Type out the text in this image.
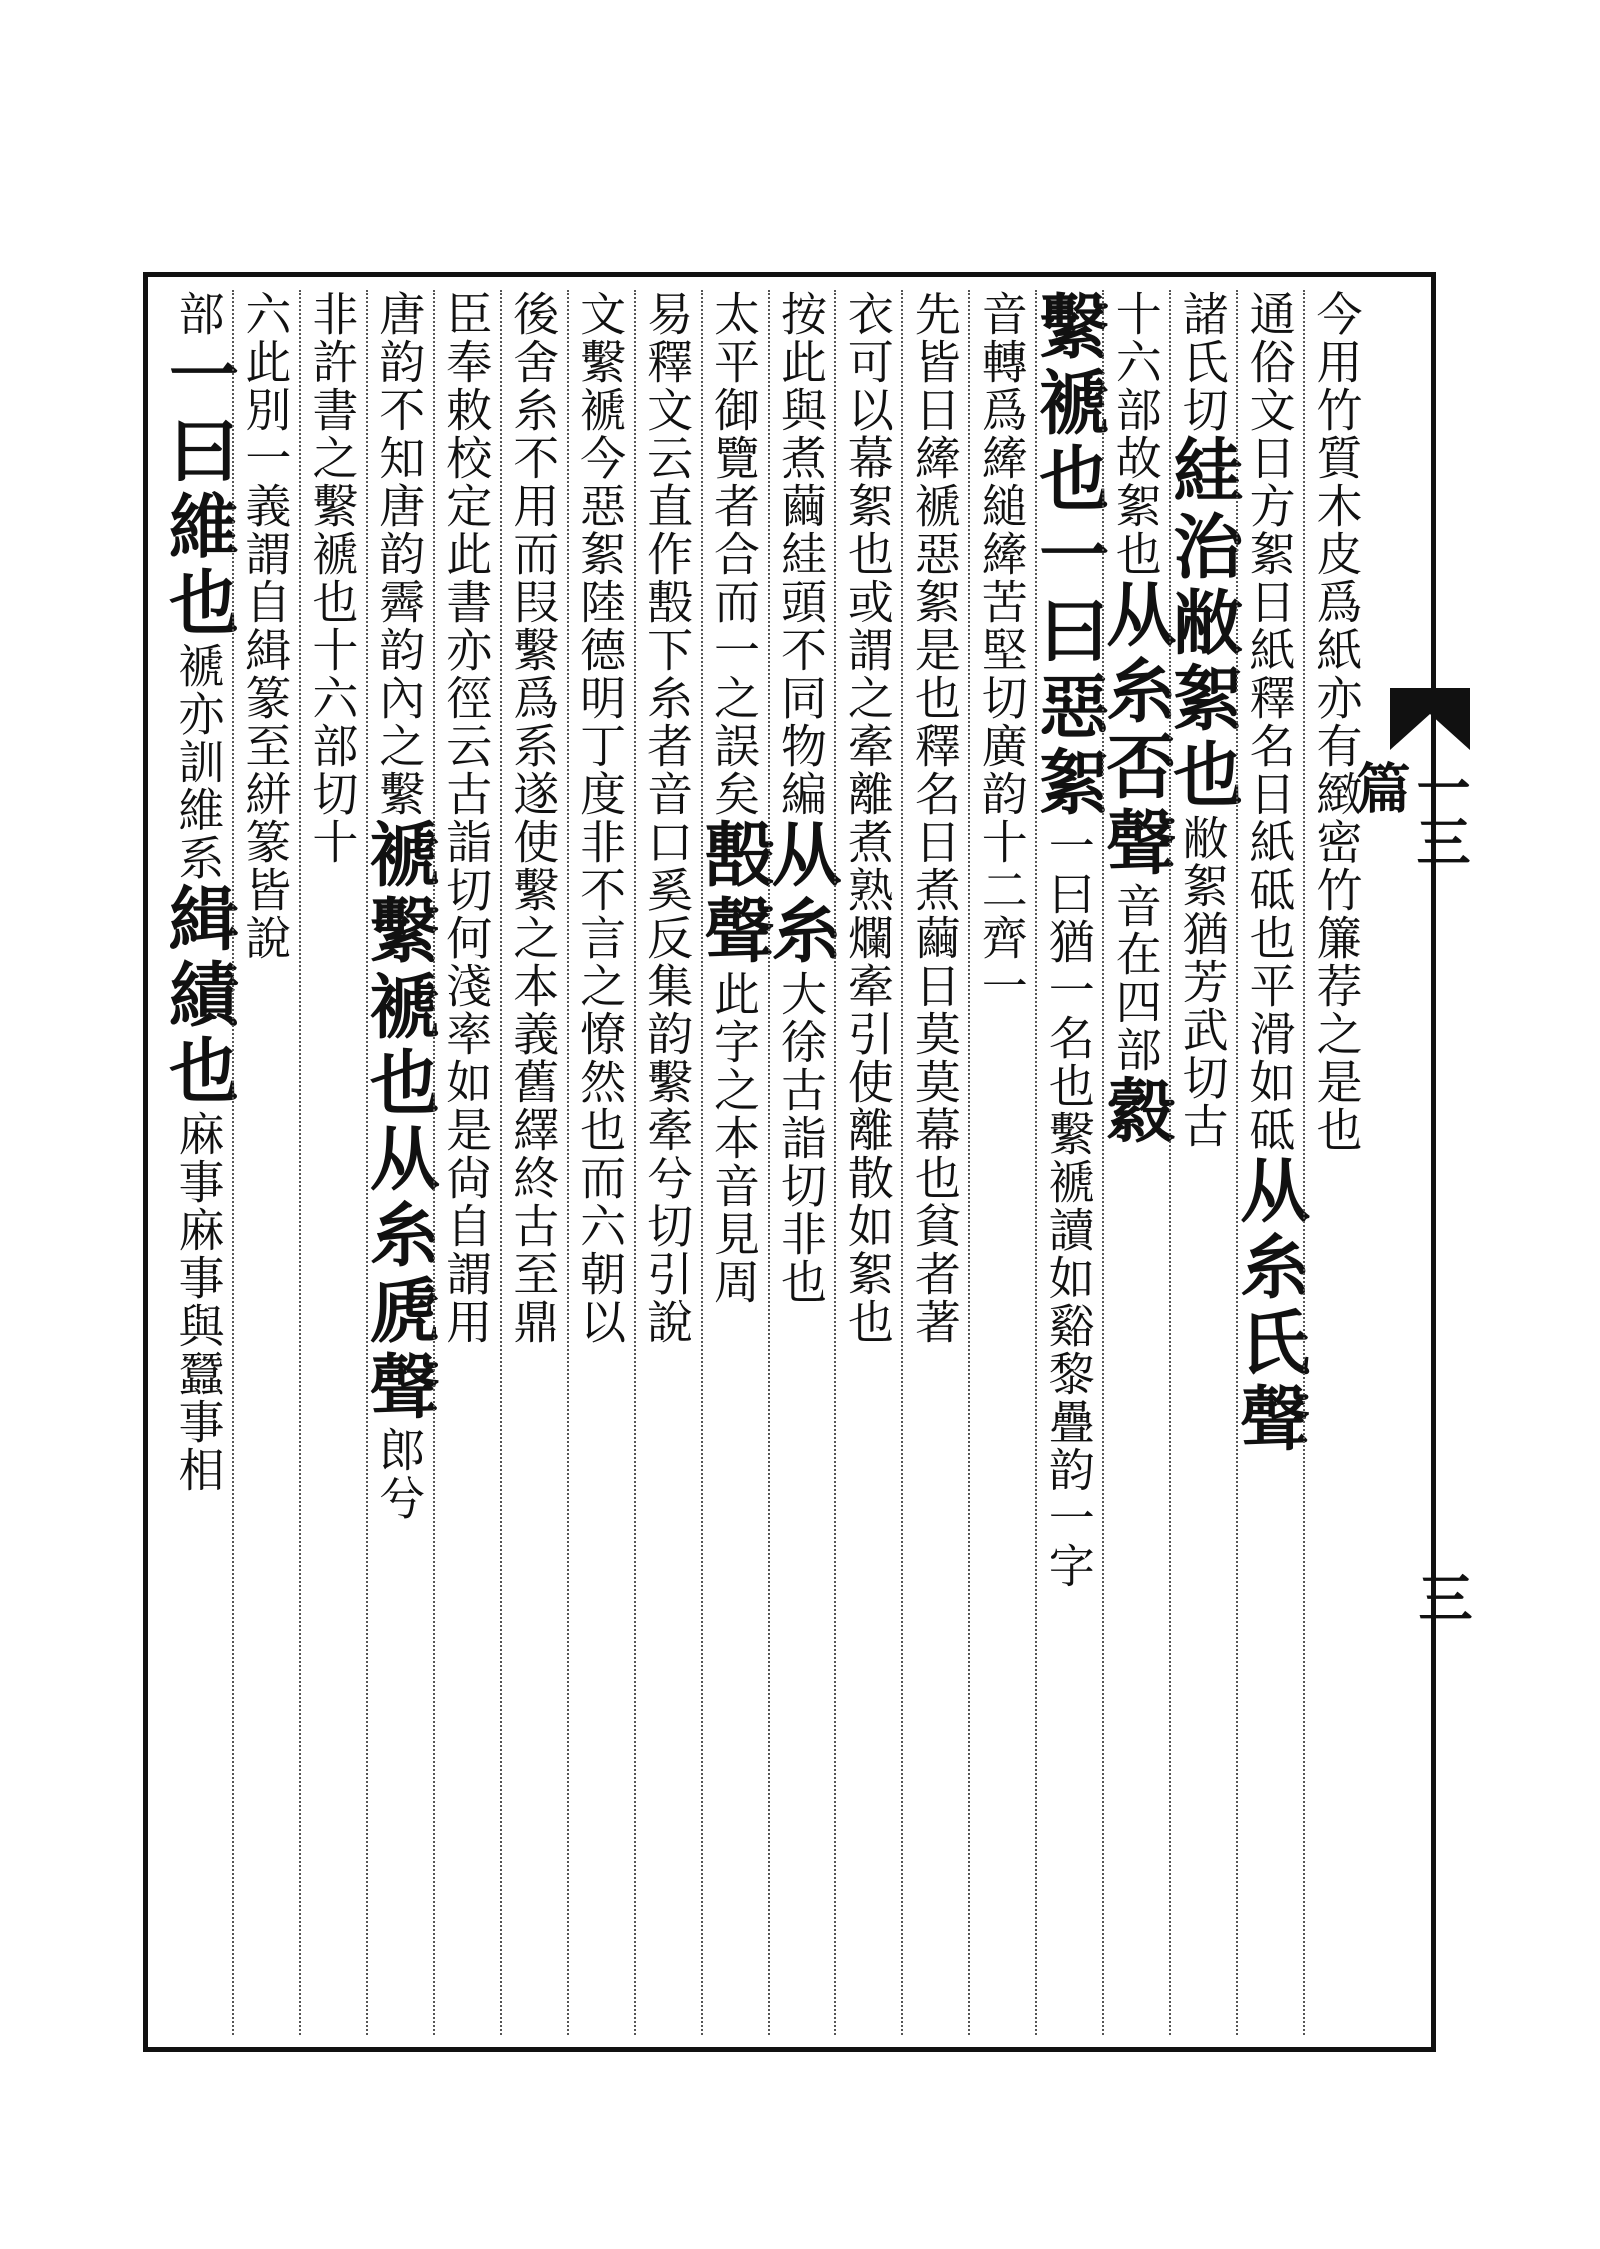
一三篇
三
今用竹質木皮爲紙亦有緻密竹簾荐之是也
通俗文日方絮日紙釋名日紙砥也平滑如砥从糸氏聲
諸氏切絓治敝絮也敝絮猶芳武切古
十六部故絮也从糸否聲音在四部縠
繫褫也一曰惡絮一曰猶一名也繫褫讀如谿黎疊韵一字
音轉爲縴縋縴苦堅切廣韵十二齊一
先皆日縴褫惡絮是也釋名日煮繭日莫莫幕也貧者著
衣可以幕絮也或謂之牽離煮熟爛牽引使離散如絮也
按此與煮繭絓頭不同物編从糸大徐古詣切非也
太平御覽者合而一之誤矣毄聲此字之本音見周
易釋文云直作毄下糸者音口奚反集韵繫牽兮切引說
文繫褫今惡絮陸德明丁度非不言之憭然也而六朝以
後舍糸不用而叚繫爲系遂使繫之本義舊繹終古至鼎
臣奉敕校定此書亦徑云古詣切何淺率如是尙自謂用
唐韵不知唐韵霽韵內之繫褫繫褫也从糸虒聲郎兮
非許書之繫褫也十六部切十
六此別一義謂自緝篆至絣篆皆說
部一曰維也褫亦訓維系緝績也麻事麻事與蠶事相
